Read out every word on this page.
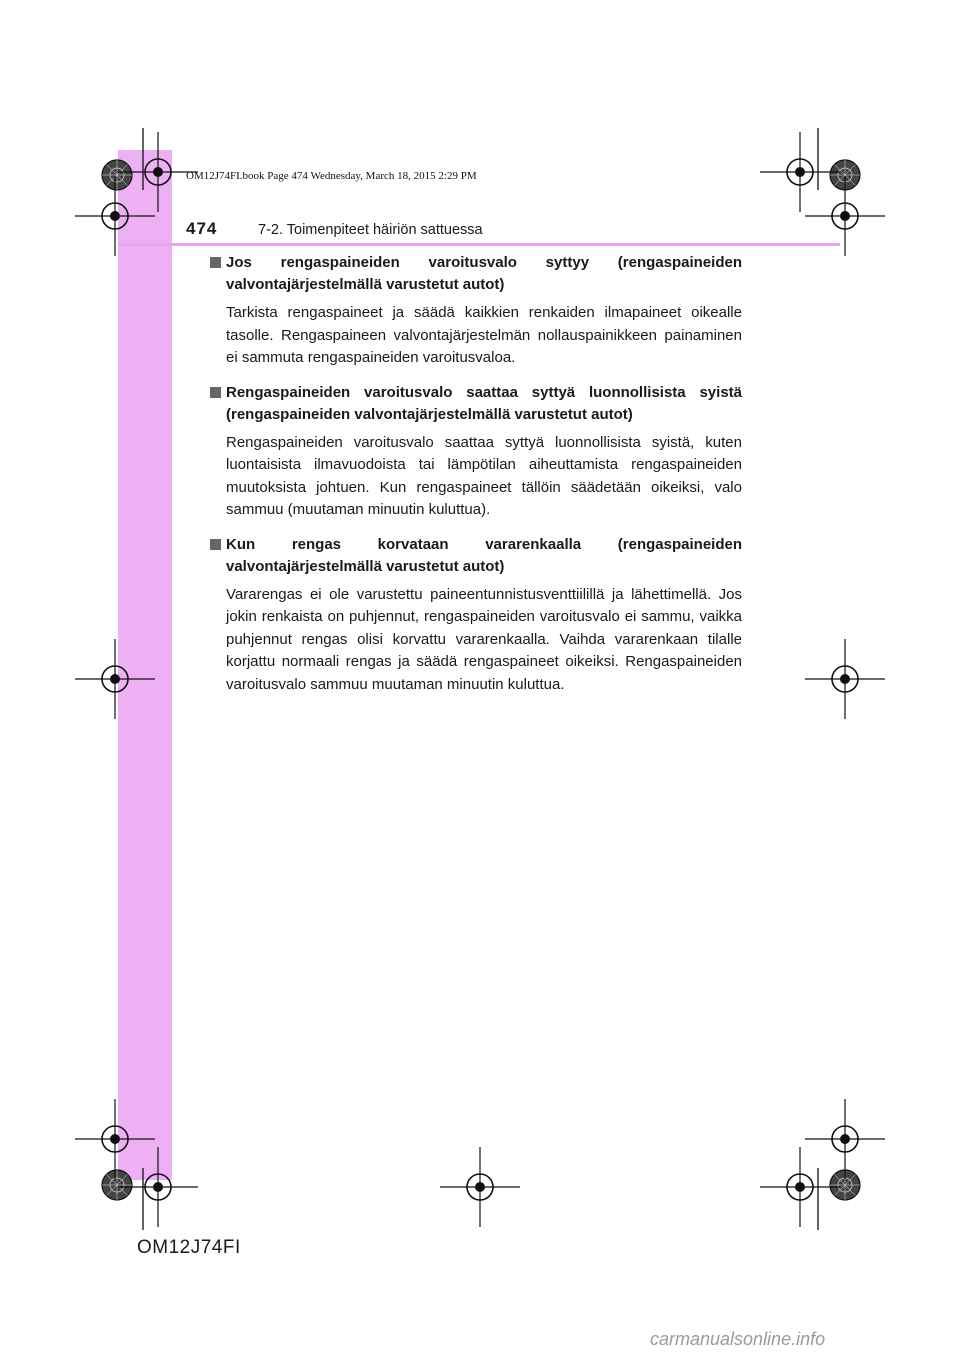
OM12J74FI.book Page 474 Wednesday, March 18, 2015 2:29 PM
474	7-2. Toimenpiteet häiriön sattuessa
Jos rengaspaineiden varoitusvalo syttyy (rengaspaineiden valvontajärjestelmällä varustetut autot)
Tarkista rengaspaineet ja säädä kaikkien renkaiden ilmapaineet oikealle tasolle. Rengaspaineen valvontajärjestelmän nollauspainikkeen painaminen ei sammuta rengaspaineiden varoitusvaloa.
Rengaspaineiden varoitusvalo saattaa syttyä luonnollisista syistä (rengaspaineiden valvontajärjestelmällä varustetut autot)
Rengaspaineiden varoitusvalo saattaa syttyä luonnollisista syistä, kuten luontaisista ilmavuodoista tai lämpötilan aiheuttamista rengaspaineiden muutoksista johtuen. Kun rengaspaineet tällöin säädetään oikeiksi, valo sammuu (muutaman minuutin kuluttua).
Kun rengas korvataan vararenkaalla (rengaspaineiden valvontajärjestelmällä varustetut autot)
Vararengas ei ole varustettu paineentunnistusventtiilillä ja lähettimellä. Jos jokin renkaista on puhjennut, rengaspaineiden varoitusvalo ei sammu, vaikka puhjennut rengas olisi korvattu vararenkaalla. Vaihda vararenkaan tilalle korjattu normaali rengas ja säädä rengaspaineet oikeiksi. Rengaspaineiden varoitusvalo sammuu muutaman minuutin kuluttua.
OM12J74FI
carmanualsonline.info
